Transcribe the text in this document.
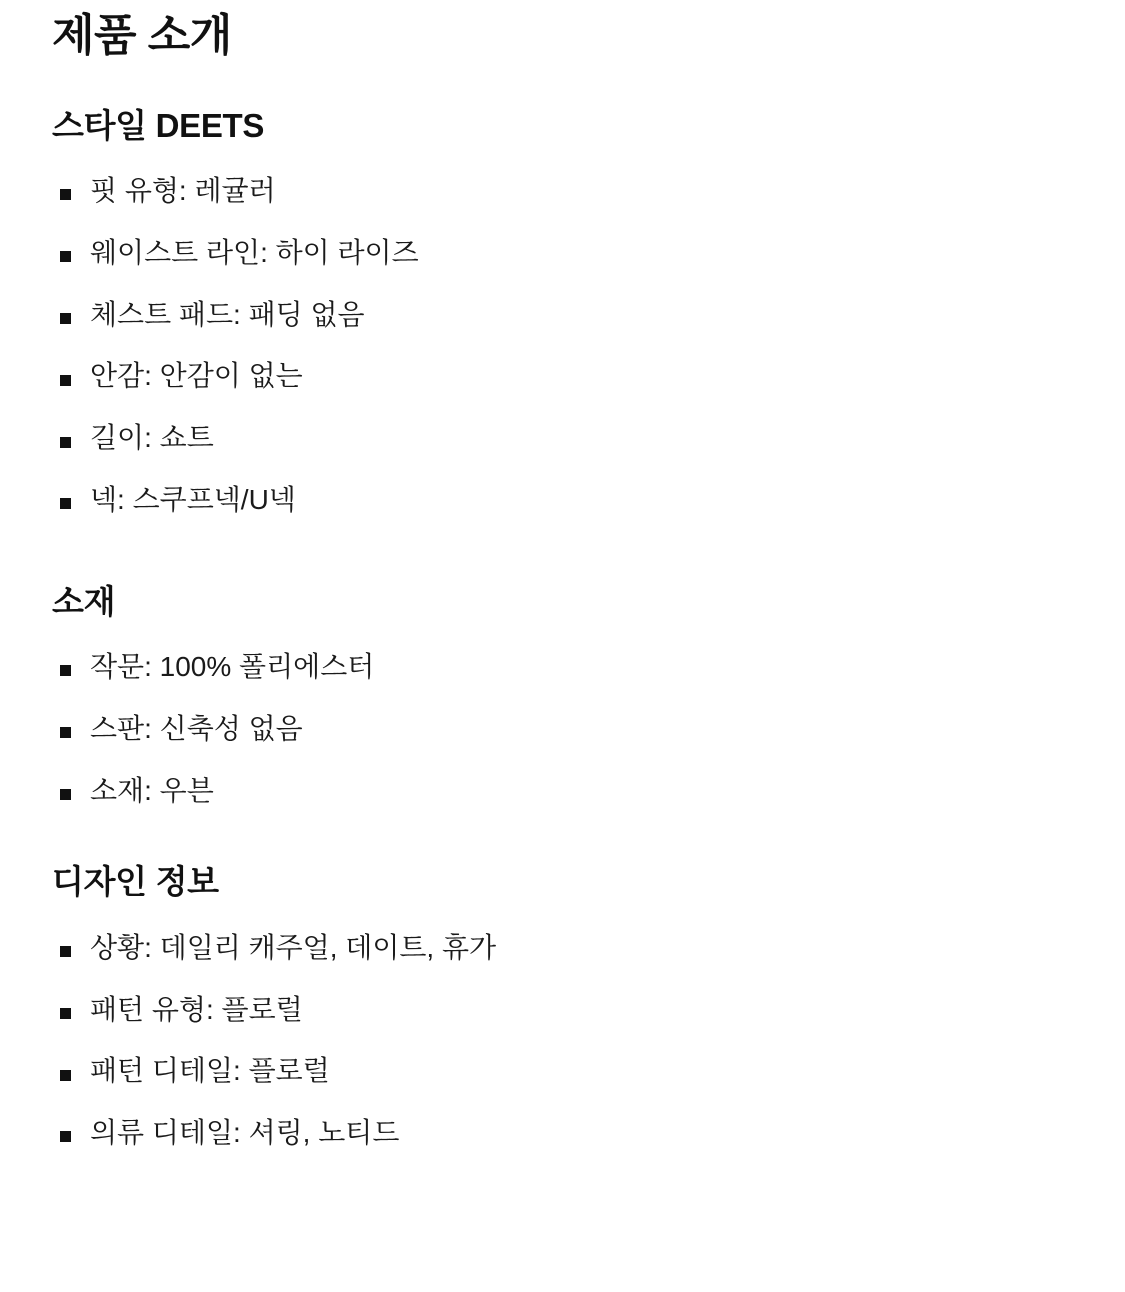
제품 소개
스타일 DEETS
핏 유형: 레귤러
웨이스트 라인: 하이 라이즈
체스트 패드: 패딩 없음
안감: 안감이 없는
길이: 쇼트
넥: 스쿠프넥/U넥
소재
작문: 100% 폴리에스터
스판: 신축성 없음
소재: 우븐
디자인 정보
상황: 데일리 캐주얼, 데이트, 휴가
패턴 유형: 플로럴
패턴 디테일: 플로럴
의류 디테일: 셔링, 노티드
